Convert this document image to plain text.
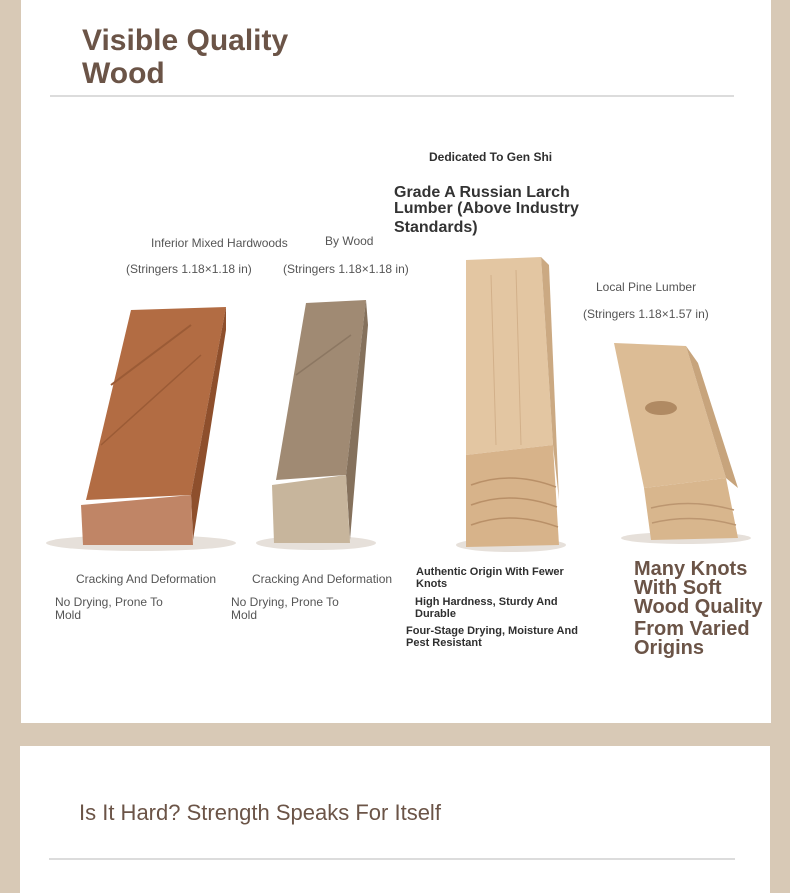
Visible Quality
Wood
Inferior Mixed Hardwoods
(Stringers 1.18×1.18 in)
Cracking And Deformation
No Drying, Prone To
Mold
By Wood
(Stringers 1.18×1.18 in)
Cracking And Deformation
No Drying, Prone To
Mold
Dedicated To Gen Shi
Grade A Russian Larch
Lumber (Above Industry
Standards)
Authentic Origin With Fewer
Knots
High Hardness, Sturdy And
Durable
Four-Stage Drying, Moisture And
Pest Resistant
Local Pine Lumber
(Stringers 1.18×1.57 in)
Many Knots
With Soft
Wood Quality
From Varied
Origins
Is It Hard? Strength Speaks For Itself
